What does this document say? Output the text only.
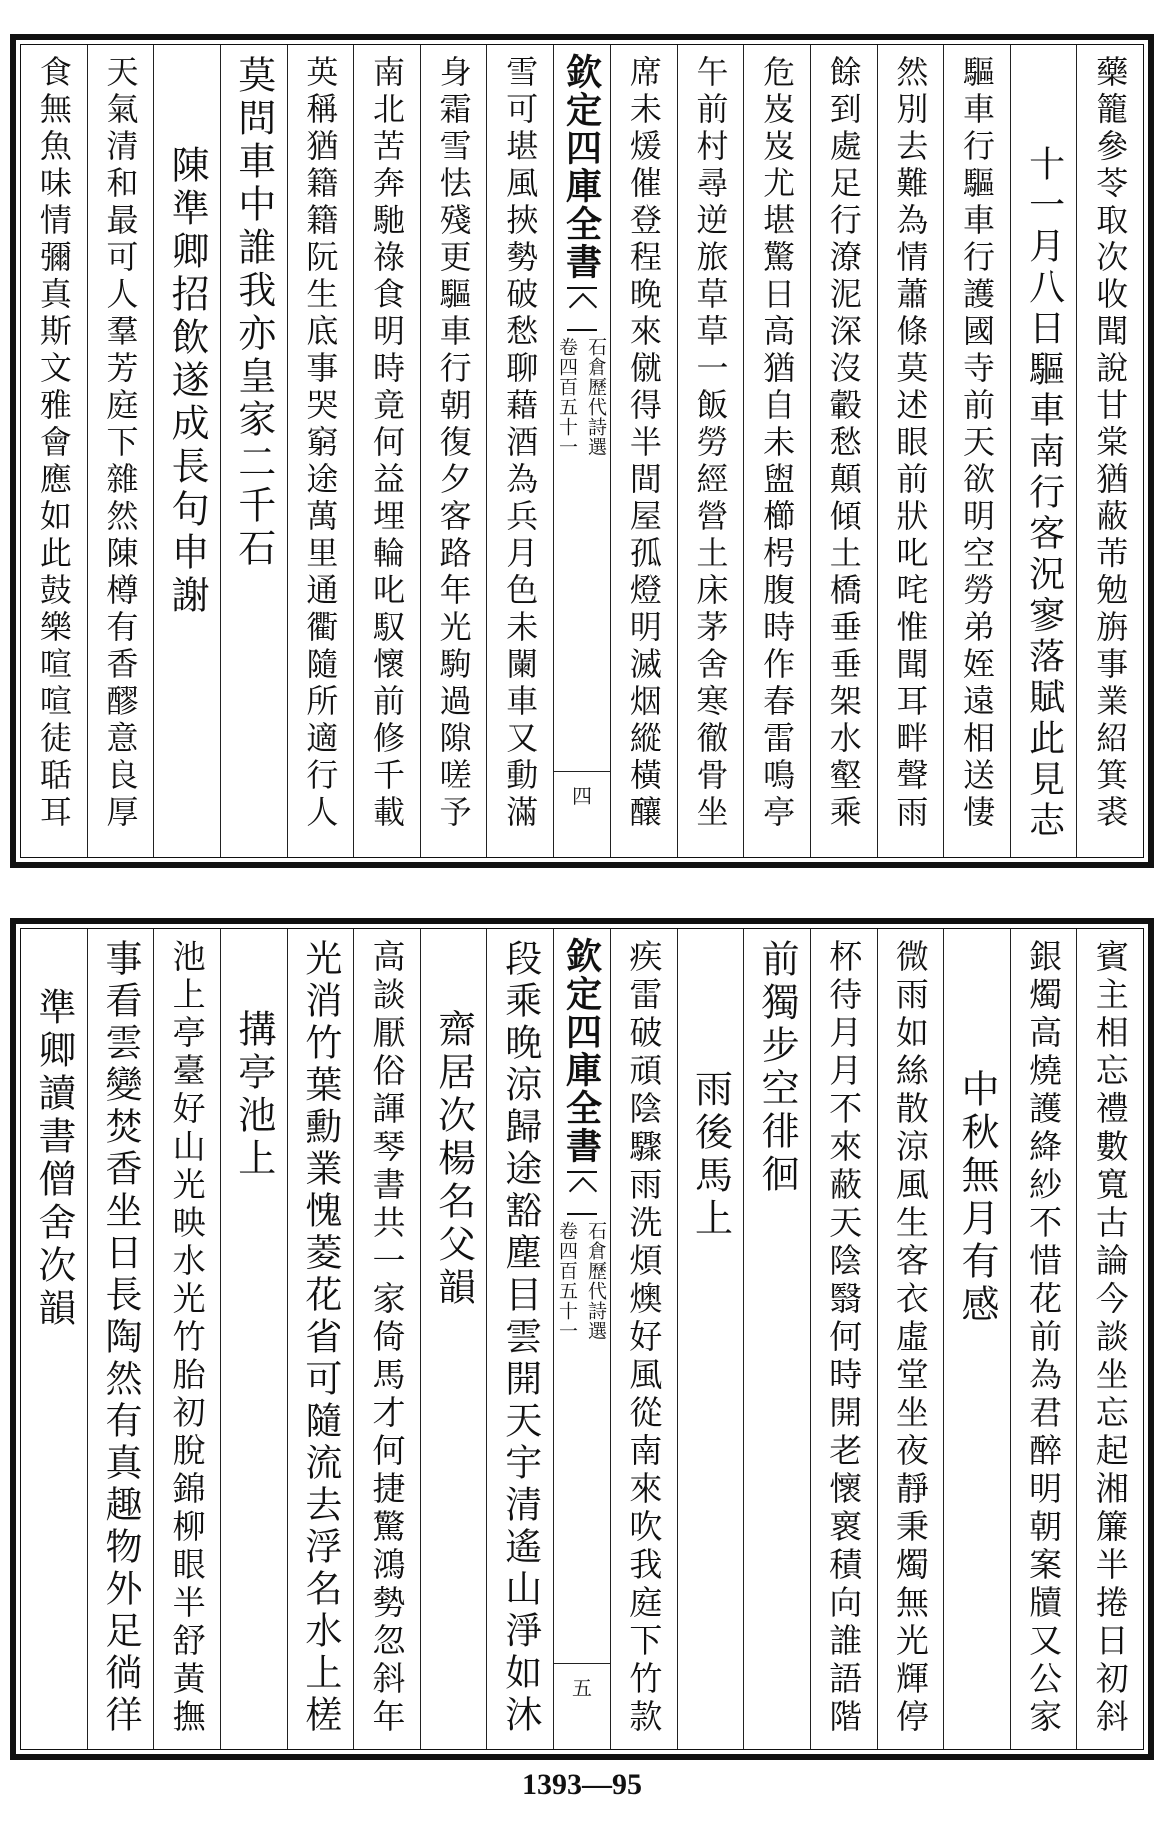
藥籠參苓取次收聞說甘棠猶蔽芾勉旃事業紹箕裘
十一月八日驅車南行客況寥落賦此見志
驅車行驅車行護國寺前天欲明空勞弟姪遠相送悽
然別去難為情蕭條莫述眼前狀叱咤惟聞耳畔聲雨
餘到處足行潦泥深沒轂愁顛傾土橋垂垂架水壑乘
危岌岌尤堪驚日高猶自未盥櫛枵腹時作春雷鳴亭
午前村尋逆旅草草一飯勞經營土床茅舍寒徹骨坐
席未煖催登程晚來僦得半間屋孤燈明滅烟縱橫釀
欽定四庫全書
石倉歷代詩選
卷四百五十一
四
雪可堪風挾勢破愁聊藉酒為兵月色未闌車又動滿
身霜雪怯殘更驅車行朝復夕客路年光駒過隙嗟予
南北苦奔馳祿食明時竟何益埋輪叱馭懷前修千載
英稱猶籍籍阮生底事哭窮途萬里通衢隨所適行人
莫問車中誰我亦皇家二千石
陳準卿招飲遂成長句申謝
天氣清和最可人羣芳庭下雜然陳樽有香醪意良厚
食無魚味情彌真斯文雅會應如此鼓樂喧喧徒聒耳
賓主相忘禮數寬古論今談坐忘起湘簾半捲日初斜
銀燭高燒護絳紗不惜花前為君醉明朝案牘又公家
中秋無月有感
微雨如絲散涼風生客衣虛堂坐夜靜秉燭無光輝停
杯待月月不來蔽天陰翳何時開老懷褱積向誰語階
前獨步空徘徊
雨後馬上
疾雷破頑陰驟雨洗煩燠好風從南來吹我庭下竹款
欽定四庫全書
石倉歷代詩選
卷四百五十一
五
段乘晚涼歸途豁塵目雲開天宇清遙山淨如沐
齋居次楊名父韻
高談厭俗諢琴書共一家倚馬才何捷驚鴻勢忽斜年
光消竹葉勳業愧菱花省可隨流去浮名水上槎
搆亭池上
池上亭臺好山光映水光竹胎初脫錦柳眼半舒黃撫
事看雲變焚香坐日長陶然有真趣物外足徜徉
準卿讀書僧舍次韻
1393—95
